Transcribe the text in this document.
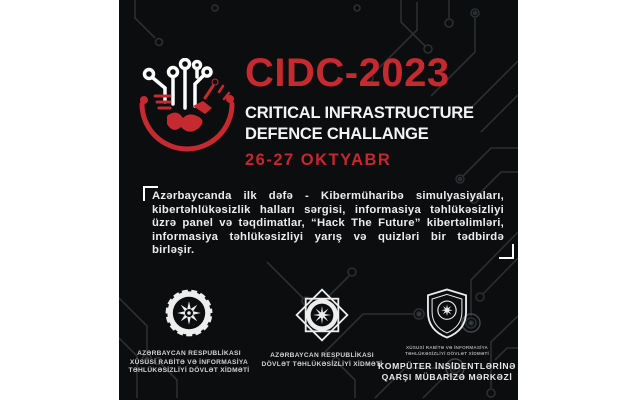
CIDC-2023
CRITICAL INFRASTRUCTURE
DEFENCE CHALLANGE
26-27 OKTYABR

Azərbaycanda ilk dəfə - Kibermüharibə simulyasiyaları, kibertəhlükəsizlik halları sərgisi, informasiya təhlükəsizliyi üzrə panel və təqdimatlar, “Hack The Future” kibertəlimləri, informasiya təhlükəsizliyi yarış və quizləri bir tədbirdə birləşir.

AZƏRBAYCAN RESPUBLİKASI
XÜSUSİ RABİTƏ VƏ İNFORMASİYA
TƏHLÜKƏSİZLİYİ DÖVLƏT XİDMƏTİ
AZƏRBAYCAN RESPUBLİKASI
DÖVLƏT TƏHLÜKƏSİZLİYİ XİDMƏTİ
XÜSUSİ RABİTƏ VƏ İNFORMASİYA
TƏHLÜKƏSİZLİYİ DÖVLƏT XİDMƏTİ
KOMPÜTER İNSİDENTLƏRİNƏ
QARŞI MÜBARİZƏ MƏRKƏZİ
